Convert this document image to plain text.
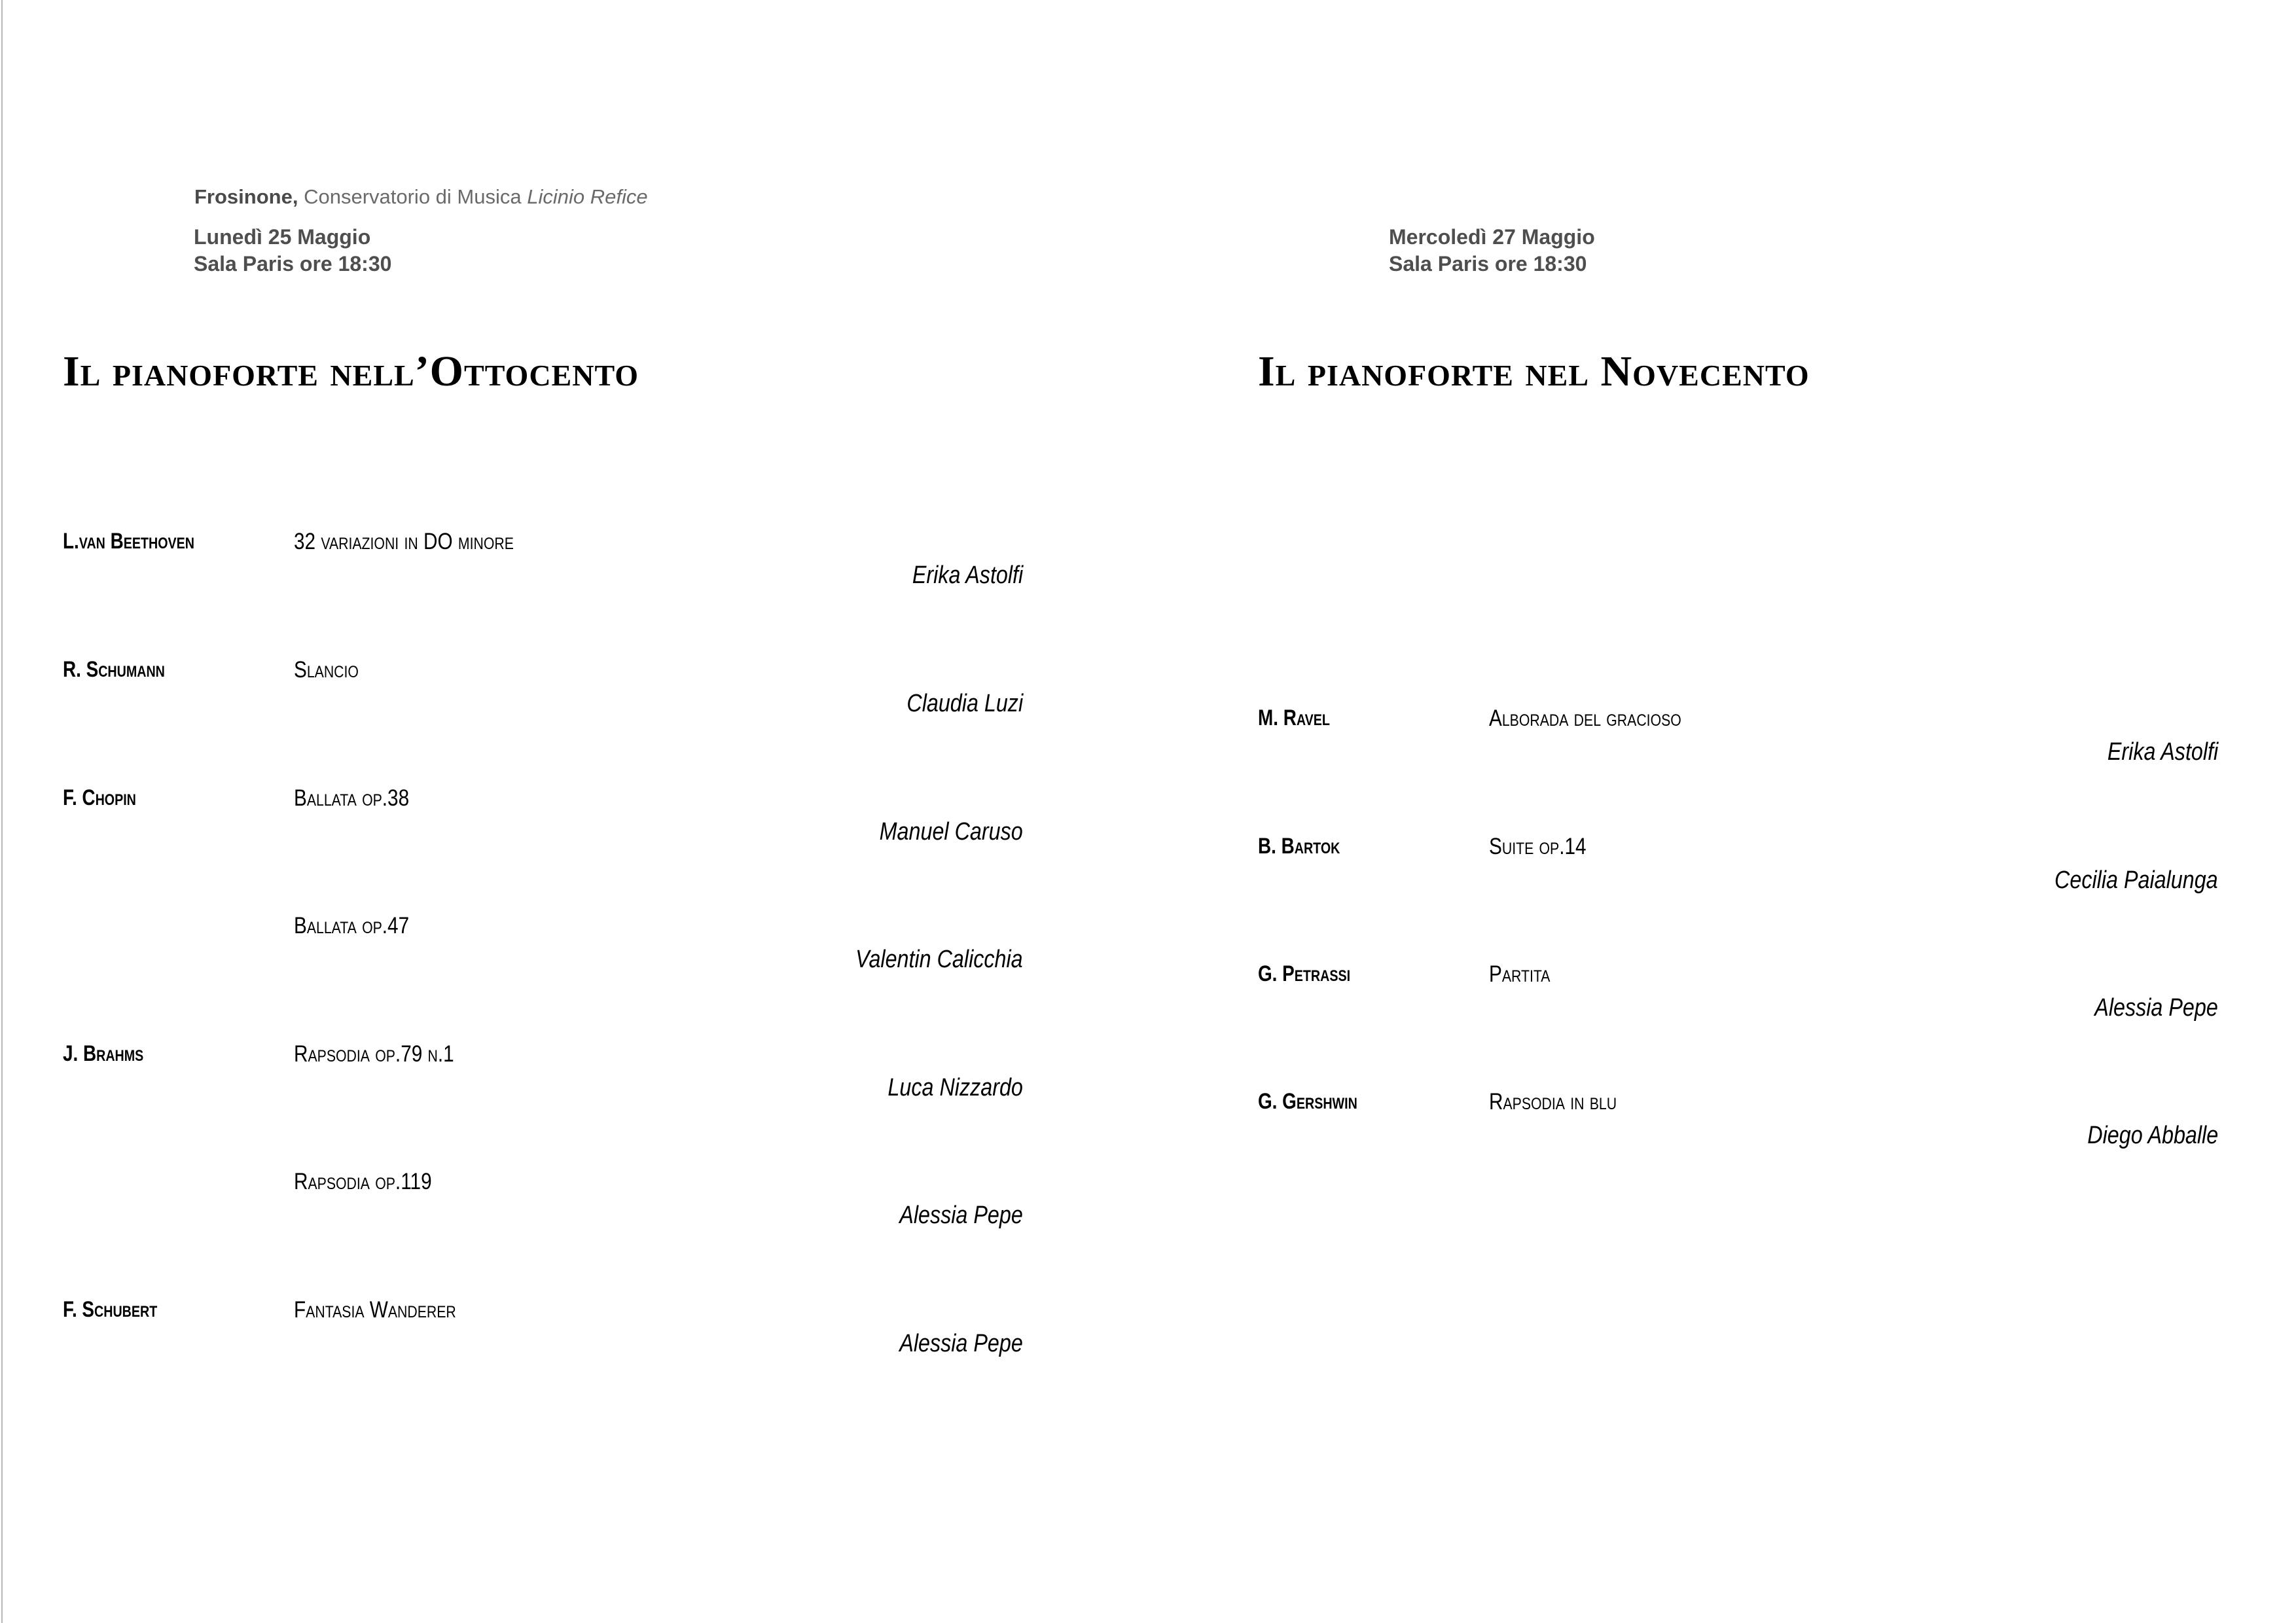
Frosinone, Conservatorio di Musica Licinio Refice
Lunedì 25 Maggio
Sala Paris ore 18:30
Il pianoforte nell’Ottocento
L.van Beethoven	32 variazioni in DO minore
Erika Astolfi
R. Schumann	Slancio
Claudia Luzi
F. Chopin	Ballata op.38
Manuel Caruso
Ballata op.47
Valentin Calicchia
J. Brahms	Rapsodia op.79 n.1
Luca Nizzardo
Rapsodia op.119
Alessia Pepe
F. Schubert	Fantasia Wanderer
Alessia Pepe
Mercoledì 27 Maggio
Sala Paris ore 18:30
Il pianoforte nel Novecento
M. Ravel	Alborada del gracioso
Erika Astolfi
B. Bartok	Suite op.14
Cecilia Paialunga
G. Petrassi	Partita
Alessia Pepe
G. Gershwin	Rapsodia in blu
Diego Abballe
